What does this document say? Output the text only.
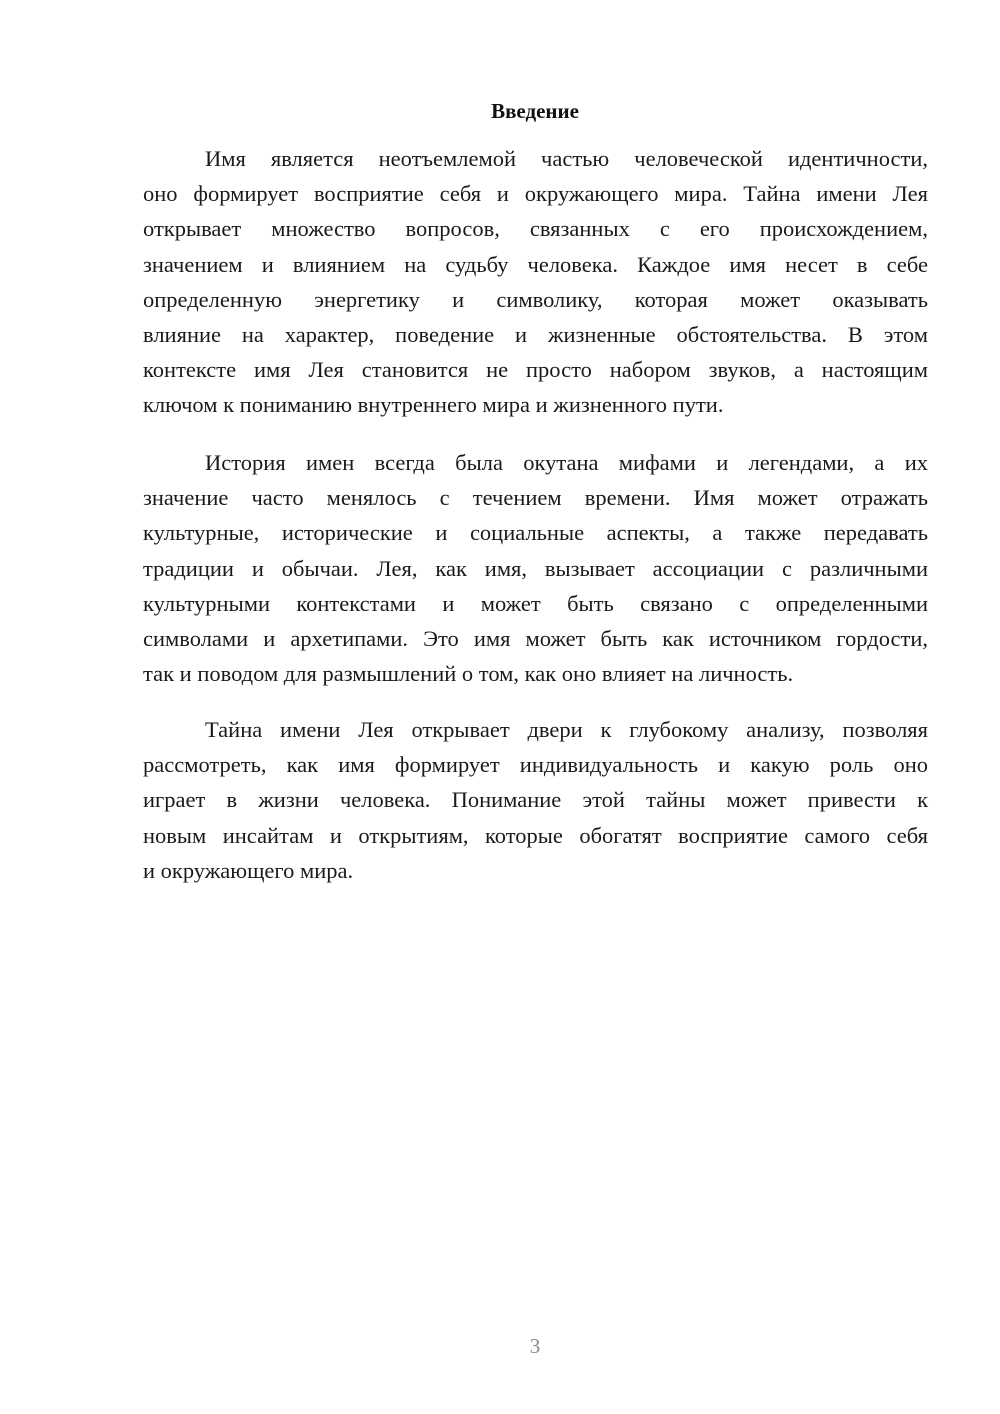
Введение
Имя является неотъемлемой частью человеческой идентичности,
оно формирует восприятие себя и окружающего мира. Тайна имени Лея
открывает множество вопросов, связанных с его происхождением,
значением и влиянием на судьбу человека. Каждое имя несет в себе
определенную энергетику и символику, которая может оказывать
влияние на характер, поведение и жизненные обстоятельства. В этом
контексте имя Лея становится не просто набором звуков, а настоящим
ключом к пониманию внутреннего мира и жизненного пути.
История имен всегда была окутана мифами и легендами, а их
значение часто менялось с течением времени. Имя может отражать
культурные, исторические и социальные аспекты, а также передавать
традиции и обычаи. Лея, как имя, вызывает ассоциации с различными
культурными контекстами и может быть связано с определенными
символами и архетипами. Это имя может быть как источником гордости,
так и поводом для размышлений о том, как оно влияет на личность.
Тайна имени Лея открывает двери к глубокому анализу, позволяя
рассмотреть, как имя формирует индивидуальность и какую роль оно
играет в жизни человека. Понимание этой тайны может привести к
новым инсайтам и открытиям, которые обогатят восприятие самого себя
и окружающего мира.
3
